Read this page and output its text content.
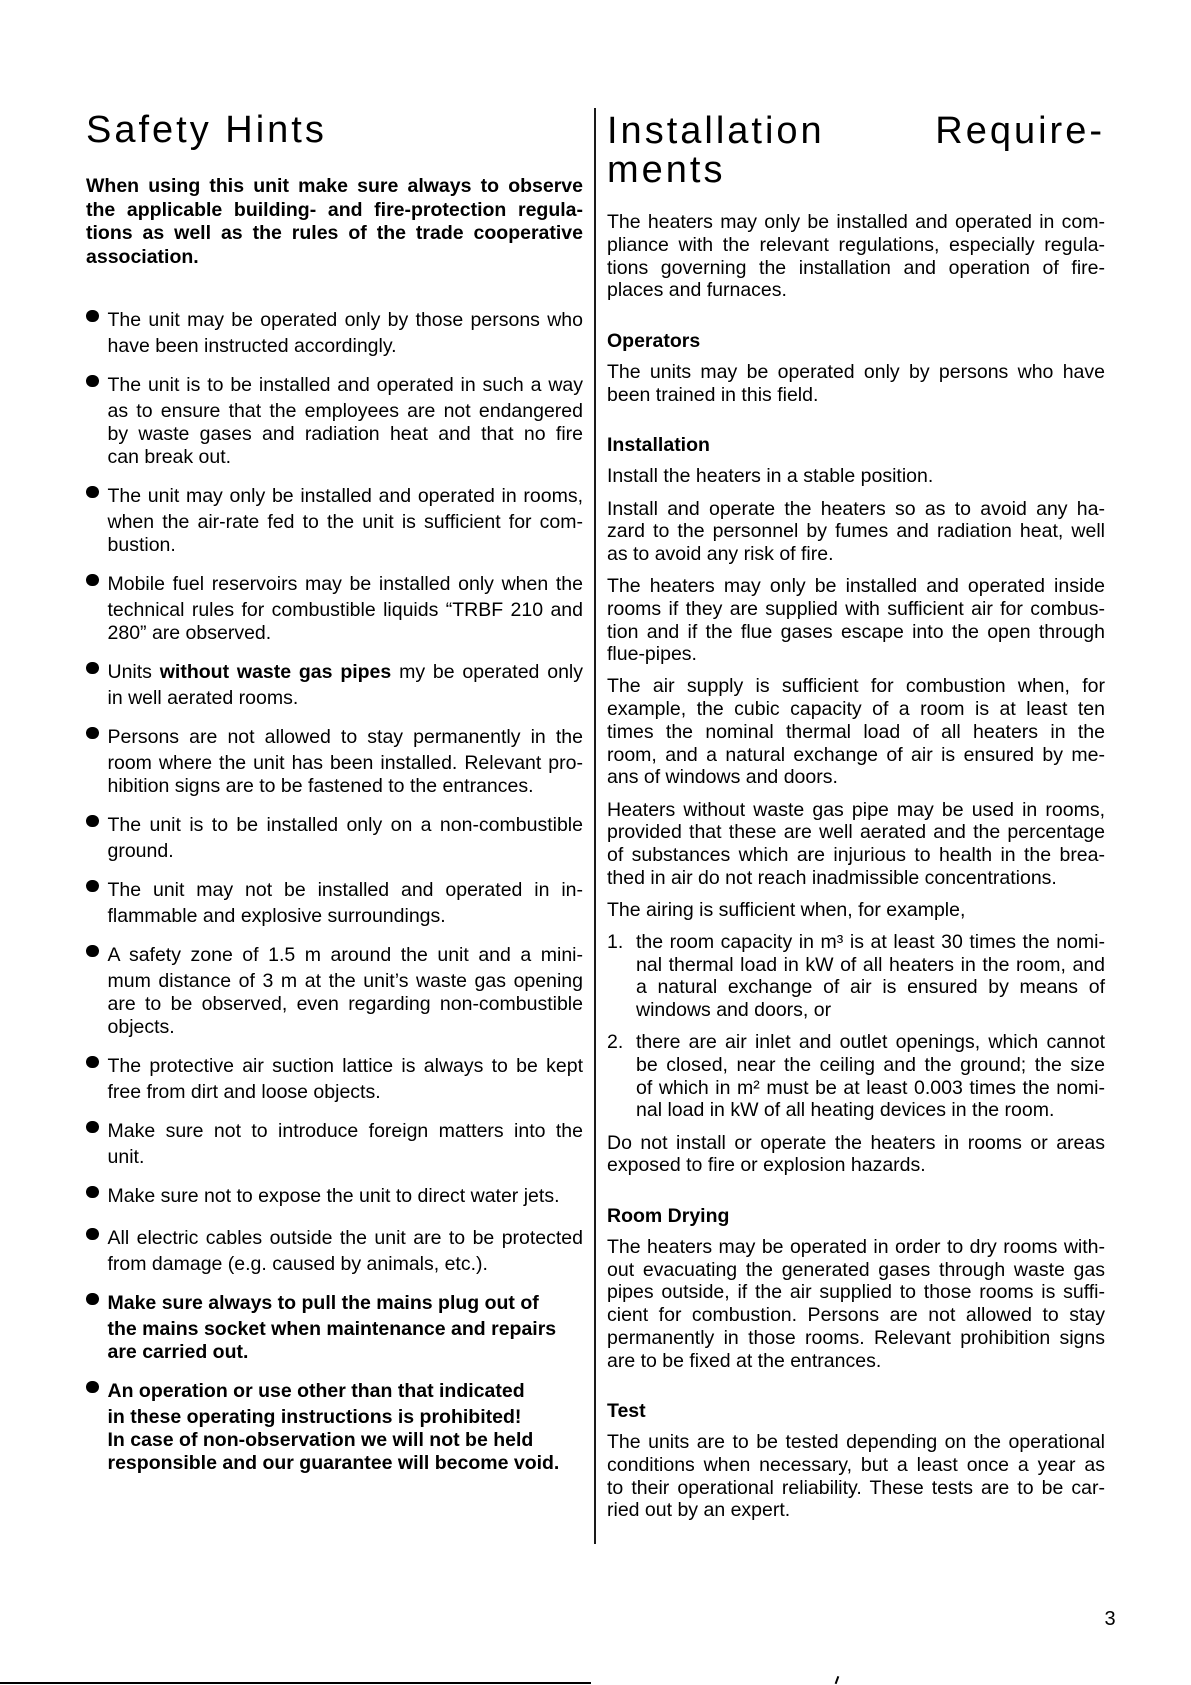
Safety Hints
When using this unit make sure always to observe
the applicable building- and fire-protection regula-
tions as well as the rules of the trade cooperative
association.
The unit may be operated only by those persons who
have been instructed accordingly.
The unit is to be installed and operated in such a way
as to ensure that the employees are not endangered
by waste gases and radiation heat and that no fire
can break out.
The unit may only be installed and operated in rooms,
when the air-rate fed to the unit is sufficient for com-
bustion.
Mobile fuel reservoirs may be installed only when the
technical rules for combustible liquids “TRBF 210 and
280” are observed.
Units without waste gas pipes my be operated only
in well aerated rooms.
Persons are not allowed to stay permanently in the
room where the unit has been installed. Relevant pro-
hibition signs are to be fastened to the entrances.
The unit is to be installed only on a non-combustible
ground.
The unit may not be installed and operated in in-
flammable and explosive surroundings.
A safety zone of 1.5 m around the unit and a mini-
mum distance of 3 m at the unit’s waste gas opening
are to be observed, even regarding non-combustible
objects.
The protective air suction lattice is always to be kept
free from dirt and loose objects.
Make sure not to introduce foreign matters into the
unit.
Make sure not to expose the unit to direct water jets.
All electric cables outside the unit are to be protected
from damage (e.g. caused by animals, etc.).
Make sure always to pull the mains plug out of
the mains socket when maintenance and repairs
are carried out.
An operation or use other than that indicated
in these operating instructions is prohibited!
In case of non-observation we will not be held
responsible and our guarantee will become void.
Installation Require-
ments
The heaters may only be installed and operated in com-
pliance with the relevant regulations, especially regula-
tions governing the installation and operation of fire-
places and furnaces.
Operators
The units may be operated only by persons who have
been trained in this field.
Installation
Install the heaters in a stable position.
Install and operate the heaters so as to avoid any ha-
zard to the personnel by fumes and radiation heat, well
as to avoid any risk of fire.
The heaters may only be installed and operated inside
rooms if they are supplied with sufficient air for combus-
tion and if the flue gases escape into the open through
flue-pipes.
The air supply is sufficient for combustion when, for
example, the cubic capacity of a room is at least ten
times the nominal thermal load of all heaters in the
room, and a natural exchange of air is ensured by me-
ans of windows and doors.
Heaters without waste gas pipe may be used in rooms,
provided that these are well aerated and the percentage
of substances which are injurious to health in the brea-
thed in air do not reach inadmissible concentrations.
The airing is sufficient when, for example,
1. the room capacity in m³ is at least 30 times the nomi-
nal thermal load in kW of all heaters in the room, and
a natural exchange of air is ensured by means of
windows and doors, or
2. there are air inlet and outlet openings, which cannot
be closed, near the ceiling and the ground; the size
of which in m² must be at least 0.003 times the nomi-
nal load in kW of all heating devices in the room.
Do not install or operate the heaters in rooms or areas
exposed to fire or explosion hazards.
Room Drying
The heaters may be operated in order to dry rooms with-
out evacuating the generated gases through waste gas
pipes outside, if the air supplied to those rooms is suffi-
cient for combustion. Persons are not allowed to stay
permanently in those rooms. Relevant prohibition signs
are to be fixed at the entrances.
Test
The units are to be tested depending on the operational
conditions when necessary, but a least once a year as
to their operational reliability. These tests are to be car-
ried out by an expert.
3
